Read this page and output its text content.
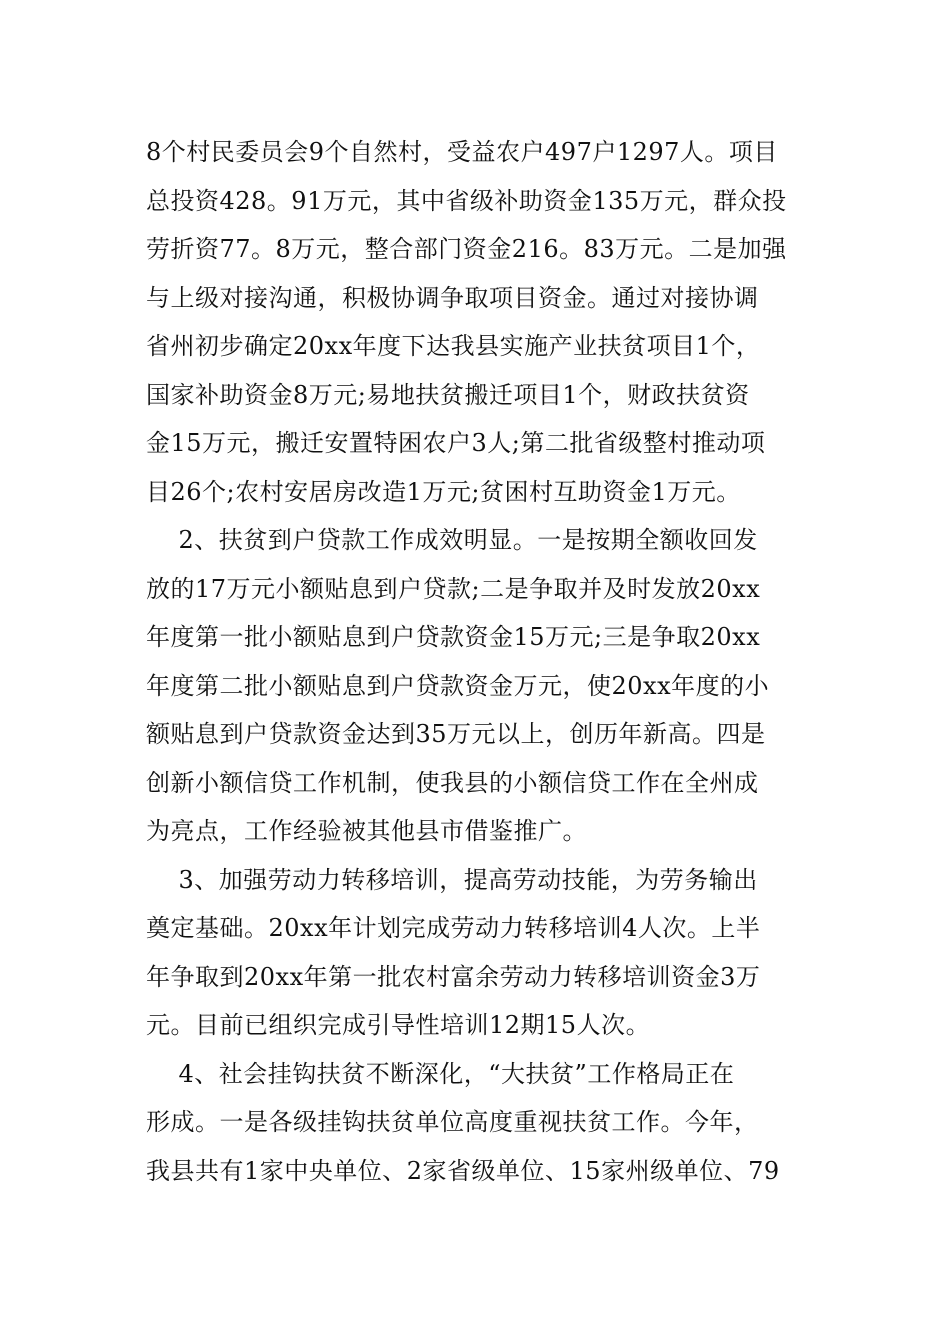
8个村民委员会9个自然村，受益农户497户1297人。项目
总投资428。91万元，其中省级补助资金135万元，群众投
劳折资77。8万元，整合部门资金216。83万元。二是加强
与上级对接沟通，积极协调争取项目资金。通过对接协调
省州初步确定20xx年度下达我县实施产业扶贫项目1个，
国家补助资金8万元;易地扶贫搬迁项目1个，财政扶贫资
金15万元，搬迁安置特困农户3人;第二批省级整村推动项
目26个;农村安居房改造1万元;贫困村互助资金1万元。
2、扶贫到户贷款工作成效明显。一是按期全额收回发
放的17万元小额贴息到户贷款;二是争取并及时发放20xx
年度第一批小额贴息到户贷款资金15万元;三是争取20xx
年度第二批小额贴息到户贷款资金万元，使20xx年度的小
额贴息到户贷款资金达到35万元以上，创历年新高。四是
创新小额信贷工作机制，使我县的小额信贷工作在全州成
为亮点，工作经验被其他县市借鉴推广。
3、加强劳动力转移培训，提高劳动技能，为劳务输出
奠定基础。20xx年计划完成劳动力转移培训4人次。上半
年争取到20xx年第一批农村富余劳动力转移培训资金3万
元。目前已组织完成引导性培训12期15人次。
4、社会挂钩扶贫不断深化，“大扶贫”工作格局正在
形成。一是各级挂钩扶贫单位高度重视扶贫工作。今年，
我县共有1家中央单位、2家省级单位、15家州级单位、79
